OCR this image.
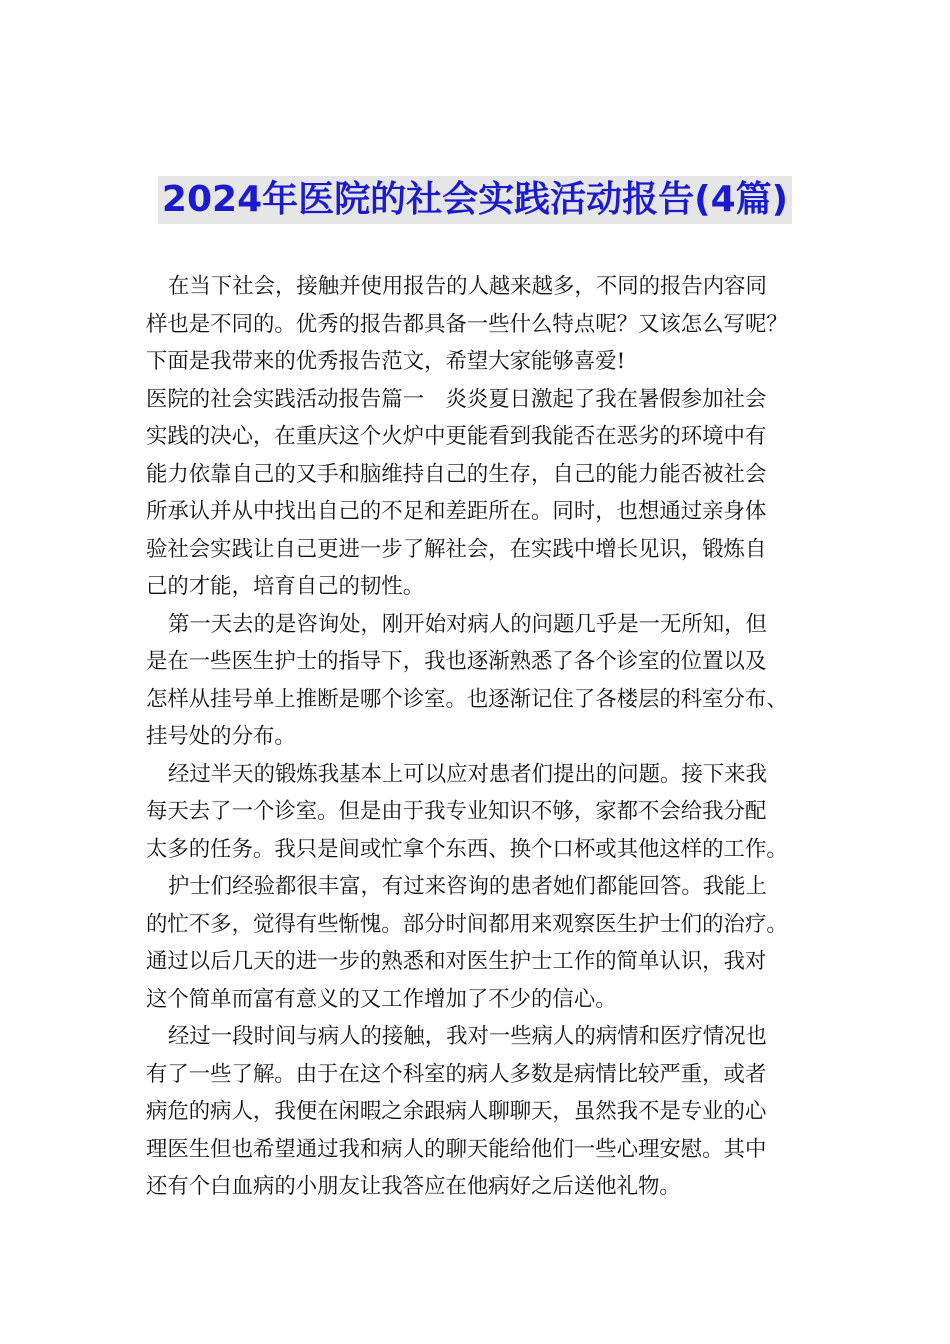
2024年医院的社会实践活动报告(4篇)
在当下社会，接触并使用报告的人越来越多，不同的报告内容同
样也是不同的。优秀的报告都具备一些什么特点呢？又该怎么写呢？
下面是我带来的优秀报告范文，希望大家能够喜爱!
医院的社会实践活动报告篇一　炎炎夏日激起了我在暑假参加社会
实践的决心，在重庆这个火炉中更能看到我能否在恶劣的环境中有
能力依靠自己的又手和脑维持自己的生存，自己的能力能否被社会
所承认并从中找出自己的不足和差距所在。同时，也想通过亲身体
验社会实践让自己更进一步了解社会，在实践中增长见识，锻炼自
己的才能，培育自己的韧性。
第一天去的是咨询处，刚开始对病人的问题几乎是一无所知，但
是在一些医生护士的指导下，我也逐渐熟悉了各个诊室的位置以及
怎样从挂号单上推断是哪个诊室。也逐渐记住了各楼层的科室分布、
挂号处的分布。
经过半天的锻炼我基本上可以应对患者们提出的问题。接下来我
每天去了一个诊室。但是由于我专业知识不够，家都不会给我分配
太多的任务。我只是间或忙拿个东西、换个口杯或其他这样的工作。
护士们经验都很丰富，有过来咨询的患者她们都能回答。我能上
的忙不多，觉得有些惭愧。部分时间都用来观察医生护士们的治疗。
通过以后几天的进一步的熟悉和对医生护士工作的简单认识，我对
这个简单而富有意义的又工作增加了不少的信心。
经过一段时间与病人的接触，我对一些病人的病情和医疗情况也
有了一些了解。由于在这个科室的病人多数是病情比较严重，或者
病危的病人，我便在闲暇之余跟病人聊聊天，虽然我不是专业的心
理医生但也希望通过我和病人的聊天能给他们一些心理安慰。其中
还有个白血病的小朋友让我答应在他病好之后送他礼物。
